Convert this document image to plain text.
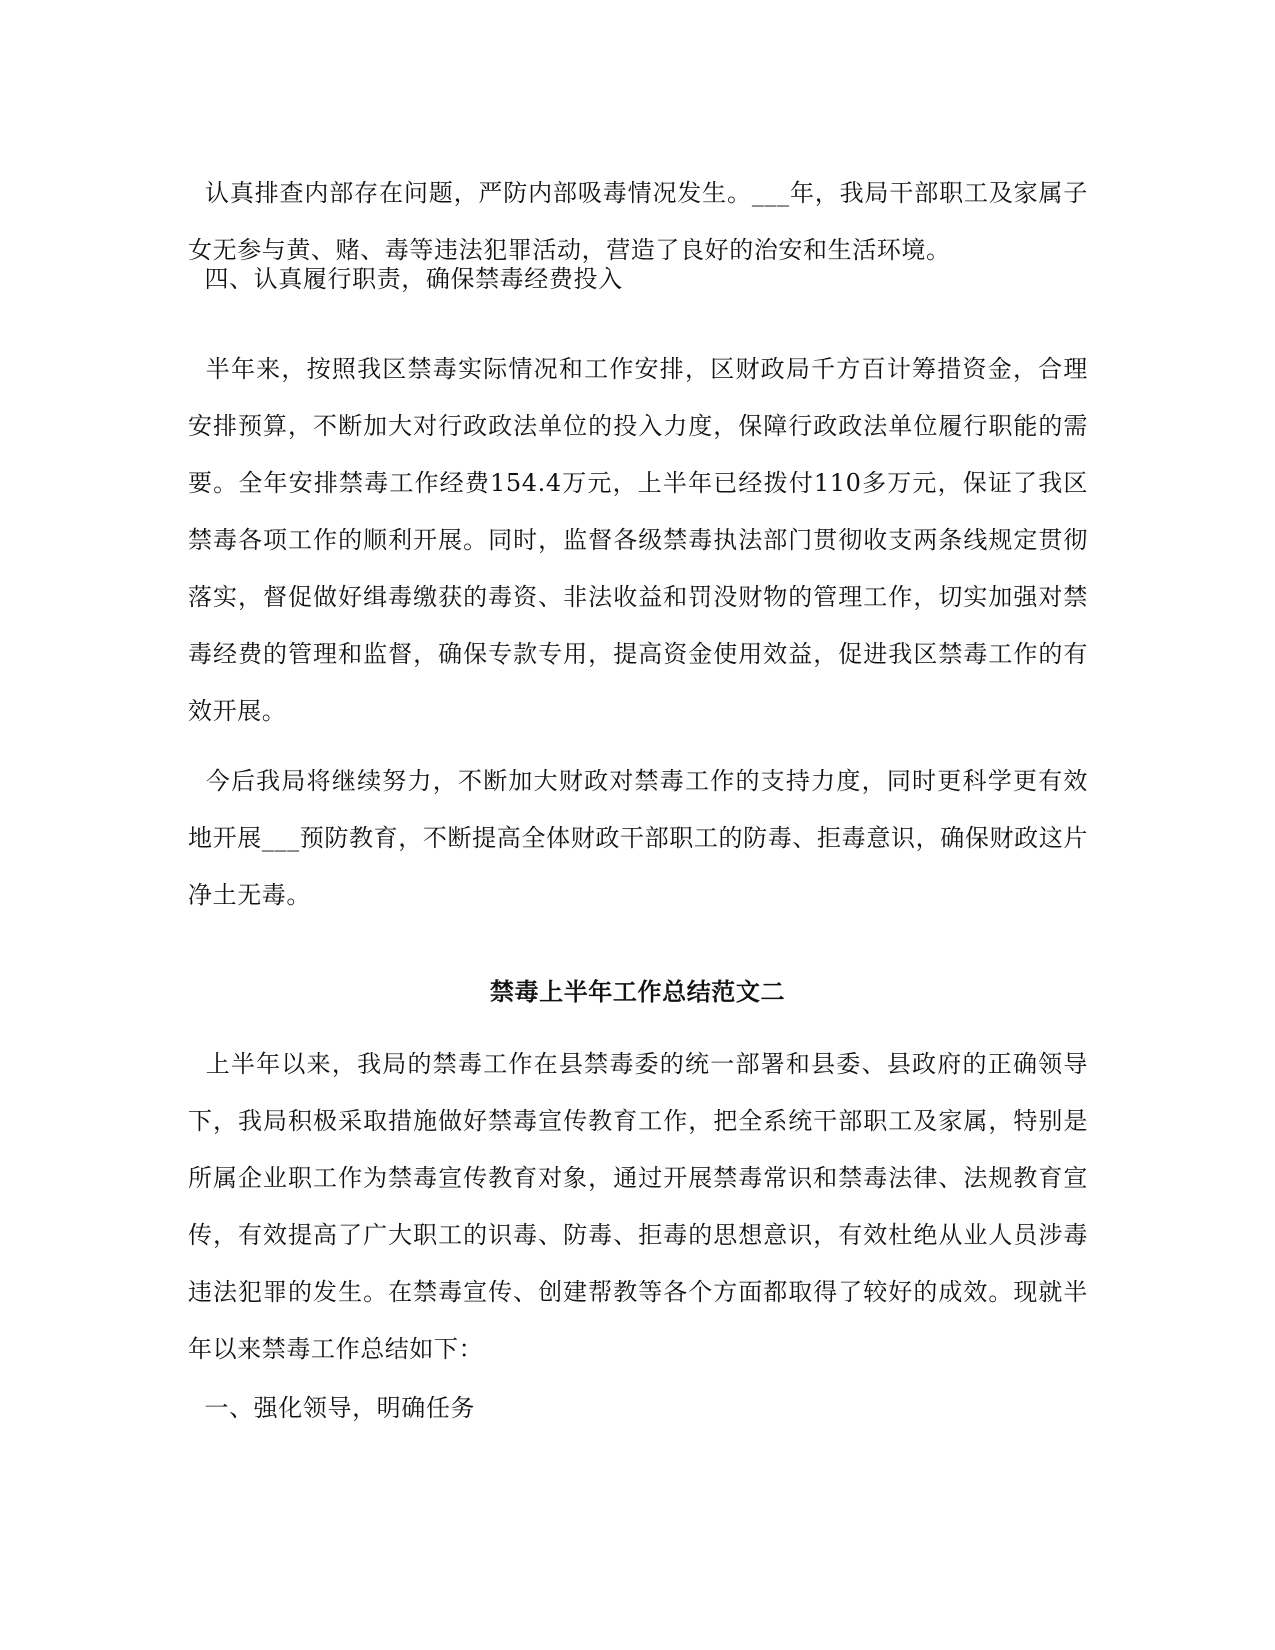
认真排查内部存在问题，严防内部吸毒情况发生。___年，我局干部职工及家属子女无参与黄、赌、毒等违法犯罪活动，营造了良好的治安和生活环境。
四、认真履行职责，确保禁毒经费投入
半年来，按照我区禁毒实际情况和工作安排，区财政局千方百计筹措资金，合理安排预算，不断加大对行政政法单位的投入力度，保障行政政法单位履行职能的需要。全年安排禁毒工作经费154.4万元，上半年已经拨付110多万元，保证了我区禁毒各项工作的顺利开展。同时，监督各级禁毒执法部门贯彻收支两条线规定贯彻落实，督促做好缉毒缴获的毒资、非法收益和罚没财物的管理工作，切实加强对禁毒经费的管理和监督，确保专款专用，提高资金使用效益，促进我区禁毒工作的有效开展。
今后我局将继续努力，不断加大财政对禁毒工作的支持力度，同时更科学更有效地开展___预防教育，不断提高全体财政干部职工的防毒、拒毒意识，确保财政这片净土无毒。
禁毒上半年工作总结范文二
上半年以来，我局的禁毒工作在县禁毒委的统一部署和县委、县政府的正确领导下，我局积极采取措施做好禁毒宣传教育工作，把全系统干部职工及家属，特别是所属企业职工作为禁毒宣传教育对象，通过开展禁毒常识和禁毒法律、法规教育宣传，有效提高了广大职工的识毒、防毒、拒毒的思想意识，有效杜绝从业人员涉毒违法犯罪的发生。在禁毒宣传、创建帮教等各个方面都取得了较好的成效。现就半年以来禁毒工作总结如下：
一、强化领导，明确任务
